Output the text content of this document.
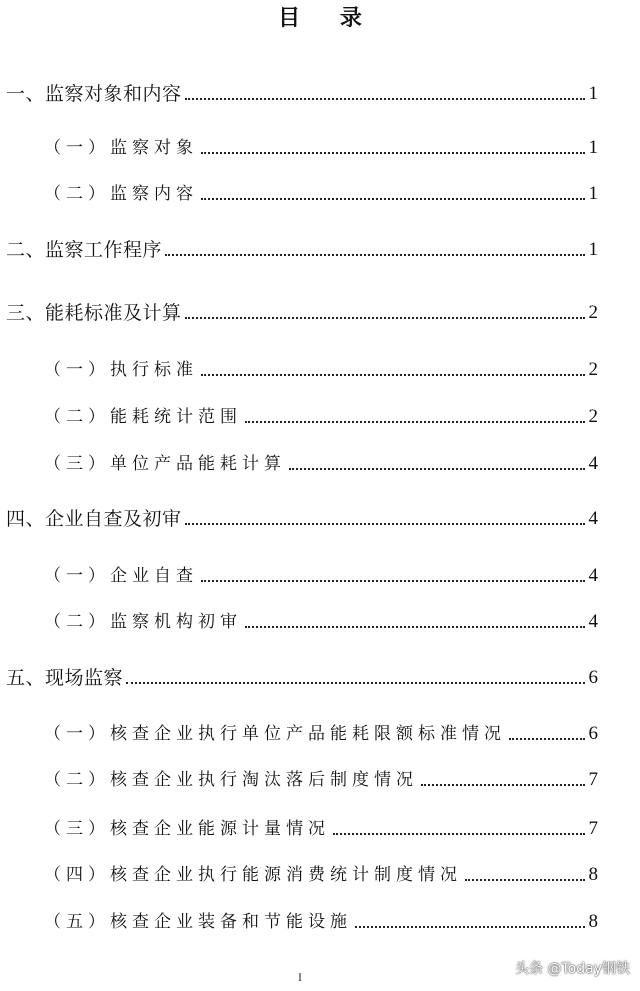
目 录
一、监察对象和内容	1
（一）监察对象	1
（二）监察内容	1
二、监察工作程序	1
三、能耗标准及计算	2
（一）执行标准	2
（二）能耗统计范围	2
（三）单位产品能耗计算	4
四、企业自查及初审	4
（一）企业自查	4
（二）监察机构初审	4
五、现场监察	6
（一）核查企业执行单位产品能耗限额标准情况	6
（二）核查企业执行淘汰落后制度情况	7
（三）核查企业能源计量情况	7
（四）核查企业执行能源消费统计制度情况	8
（五）核查企业装备和节能设施	8
I	头条 @Today钢铁
